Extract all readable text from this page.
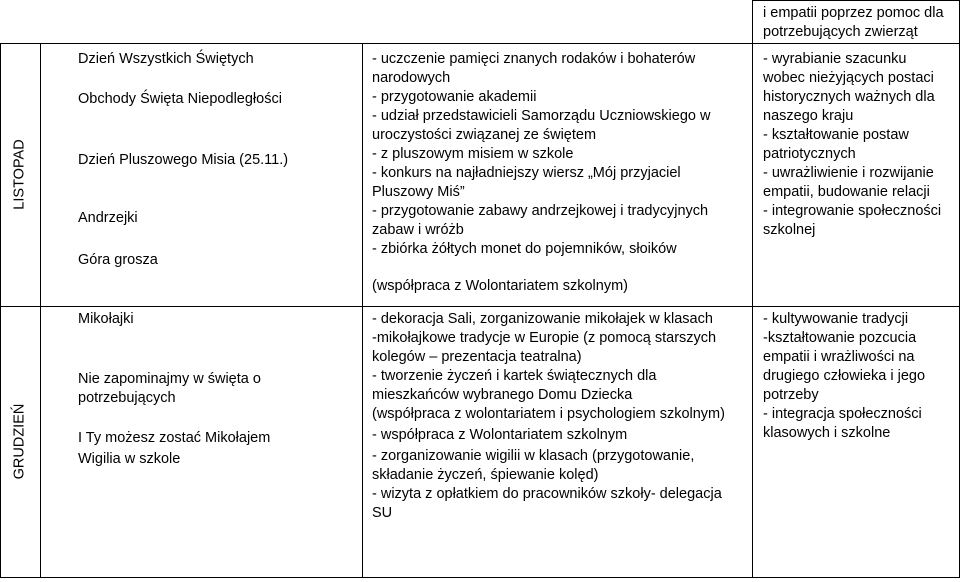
i empatii poprzez pomoc dla
potrzebujących zwierząt
LISTOPAD
Dzień Wszystkich Świętych
Obchody Święta Niepodległości
Dzień Pluszowego Misia (25.11.)
Andrzejki
Góra grosza
- uczczenie pamięci znanych rodaków i bohaterów
narodowych
- przygotowanie akademii
- udział przedstawicieli Samorządu Uczniowskiego w
uroczystości związanej ze świętem
- z pluszowym misiem w szkole
- konkurs na najładniejszy wiersz „Mój przyjaciel
Pluszowy Miś”
- przygotowanie zabawy andrzejkowej i tradycyjnych
zabaw i wróżb
- zbiórka żółtych monet do pojemników, słoików
(współpraca z Wolontariatem szkolnym)
- wyrabianie szacunku
wobec nieżyjących postaci
historycznych ważnych dla
naszego kraju
- kształtowanie postaw
patriotycznych
- uwrażliwienie i rozwijanie
empatii, budowanie relacji
- integrowanie społeczności
szkolnej
GRUDZIEŃ
Mikołajki
Nie zapominajmy w święta o
potrzebujących
I Ty możesz zostać Mikołajem
Wigilia w szkole
- dekoracja Sali, zorganizowanie mikołajek w klasach
-mikołajkowe tradycje w Europie (z pomocą starszych
kolegów – prezentacja teatralna)
- tworzenie życzeń i kartek świątecznych dla
mieszkańców wybranego Domu Dziecka
(współpraca z wolontariatem i psychologiem szkolnym)
- współpraca z Wolontariatem szkolnym
- zorganizowanie wigilii w klasach (przygotowanie,
składanie życzeń, śpiewanie kolęd)
- wizyta z opłatkiem do pracowników szkoły- delegacja
SU
- kultywowanie tradycji
-kształtowanie pozcucia
empatii i wrażliwości na
drugiego człowieka i jego
potrzeby
- integracja społeczności
klasowych i szkolne
